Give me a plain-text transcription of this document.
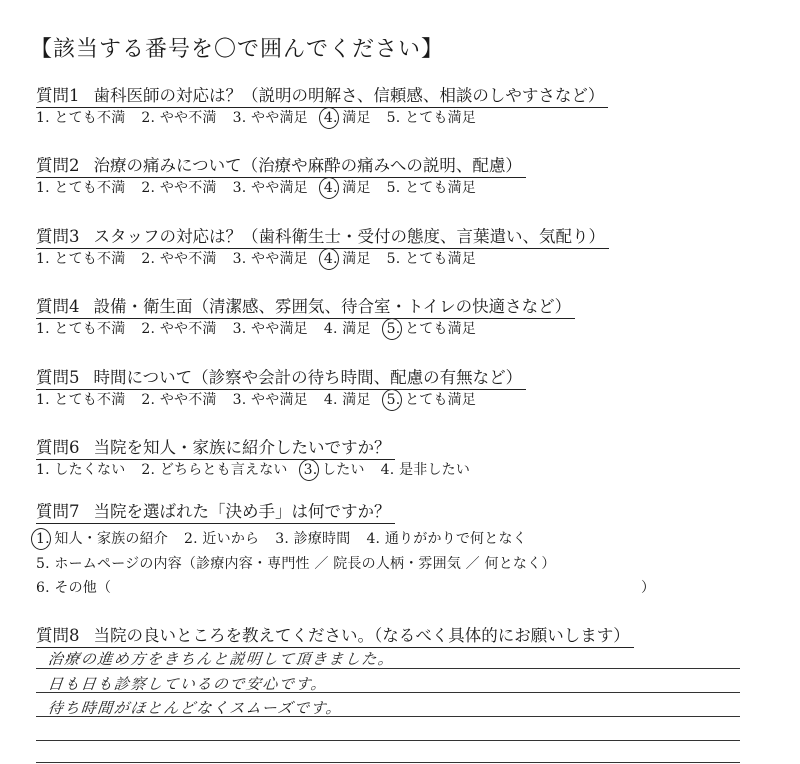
【該当する番号を〇で囲んでください】
質問1 歯科医師の対応は？（説明の明解さ、信頼感、相談のしやすさなど）
1. とても不満 2. やや不満 3. やや満足 4. 満足 5. とても満足
質問2 治療の痛みについて（治療や麻酔の痛みへの説明、配慮）
1. とても不満 2. やや不満 3. やや満足 4. 満足 5. とても満足
質問3 スタッフの対応は？（歯科衛生士・受付の態度、言葉遣い、気配り）
1. とても不満 2. やや不満 3. やや満足 4. 満足 5. とても満足
質問4 設備・衛生面（清潔感、雰囲気、待合室・トイレの快適さなど）
1. とても不満 2. やや不満 3. やや満足 4. 満足 5. とても満足
質問5 時間について（診察や会計の待ち時間、配慮の有無など）
1. とても不満 2. やや不満 3. やや満足 4. 満足 5. とても満足
質問6 当院を知人・家族に紹介したいですか？
1. したくない 2. どちらとも言えない 3. したい 4. 是非したい
質問7 当院を選ばれた「決め手」は何ですか？
1. 知人・家族の紹介 2. 近いから 3. 診療時間 4. 通りがかりで何となく
5. ホームページの内容（診療内容・専門性 ／ 院長の人柄・雰囲気 ／ 何となく）
6. その他（	）
質問8 当院の良いところを教えてください。（なるべく具体的にお願いします）
治療の進め方をきちんと説明して頂きました。
日も日も診察しているので安心です。
待ち時間がほとんどなくスムーズです。
